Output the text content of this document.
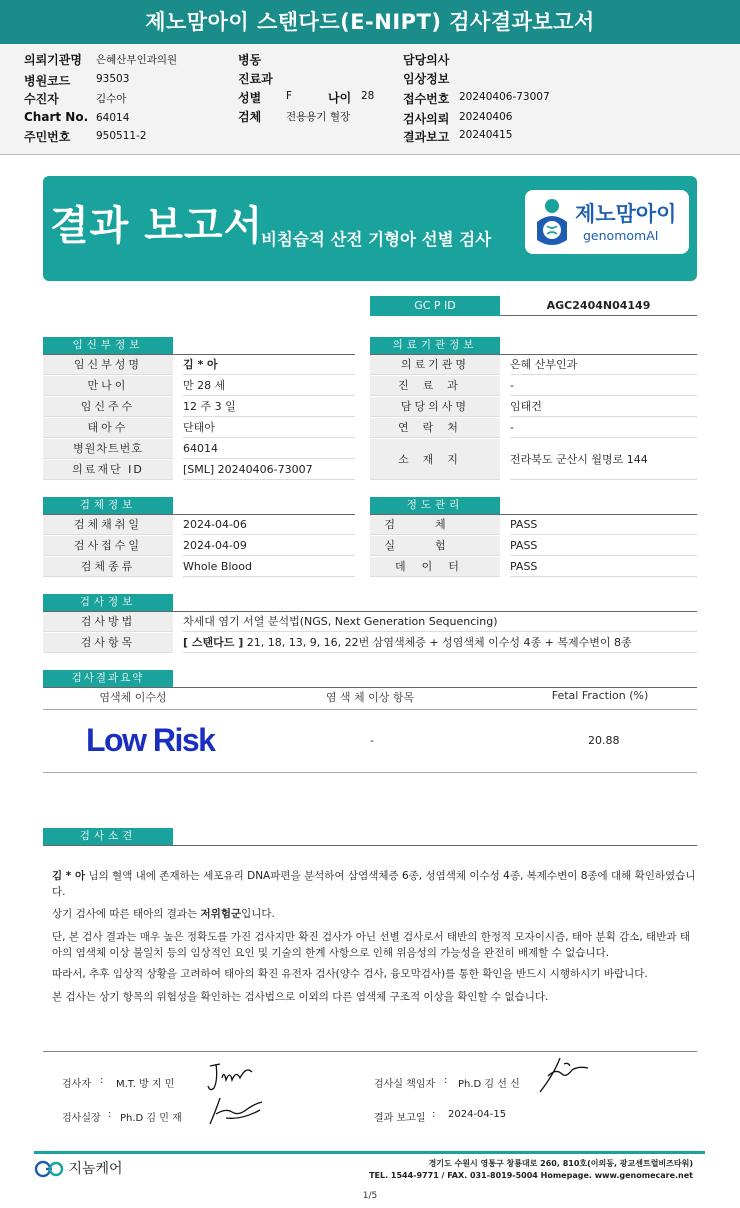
제노맘아이 스탠다드(E-NIPT) 검사결과보고서
의뢰기관명 은혜산부인과의원
병원코드 93503
수진자	김수아
Chart No. 64014
주민번호 950511-2
병동
진료과
성별 F	나이 28
검체 전용용기 혈장
담당의사
임상정보
접수번호 20240406-73007
검사의뢰 20240406
결과보고 20240415
결과 보고서
비침습적 산전 기형아 선별 검사
제노맘아이
genomomAI
GC P ID	AGC2404N04149
임신부정보	의료기관정보
임신부성명	김 * 아
만나이	만 28 세
임신주수	12 주 3 일
태아수	단태아
병원차트번호	64014
의료재단 ID	[SML] 20240406-73007
의료기관명	은혜 산부인과
진료과	-
담당의사명	임태건
연락처	-
소재지	전라북도 군산시 월명로 144
검체정보	정도관리
검체채취일	2024-04-06
검사접수일	2024-04-09
검체종류	Whole Blood
검체	PASS
실험	PASS
데이터	PASS
검사정보
검사방법	차세대 염기 서열 분석법(NGS, Next Generation Sequencing)
검사항목	[ 스탠다드 ] 21, 18, 13, 9, 16, 22번 삼염색체증 + 성염색체 이수성 4종 + 복제수변이 8종
검사결과요약
염색체 이수성	염 색 체 이상 항목	Fetal Fraction (%)
Low Risk	-	20.88
검사소견
김 * 아 님의 혈액 내에 존재하는 세포유리 DNA파편을 분석하여 삼염색체증 6종, 성염색체 이수성 4종, 복제수변이 8종에 대해 확인하였습니다.
상기 검사에 따른 태아의 결과는 저위험군입니다.
단, 본 검사 결과는 매우 높은 정확도를 가진 검사지만 확진 검사가 아닌 선별 검사로서 태반의 한정적 모자이시즘, 태아 분획 감소, 태반과 태아의 염색체 이상 불일치 등의 임상적인 요인 및 기술의 한계 사항으로 인해 위음성의 가능성을 완전히 배제할 수 없습니다.
따라서, 추후 임상적 상황을 고려하여 태아의 확진 유전자 검사(양수 검사, 융모막검사)를 통한 확인을 반드시 시행하시기 바랍니다.
본 검사는 상기 항목의 위험성을 확인하는 검사법으로 이외의 다른 염색체 구조적 이상을 확인할 수 없습니다.
검사자 : M.T. 방 지 민
검사실장 : Ph.D 김 민 재
검사실 책임자 : Ph.D 김 선 신
결과 보고일 : 2024-04-15
지놈케어	경기도 수원시 영통구 창룡대로 260, 810호(이의동, 광교센트럴비즈타워)
TEL. 1544-9771 / FAX. 031-8019-5004 Homepage. www.genomecare.net
1/5
